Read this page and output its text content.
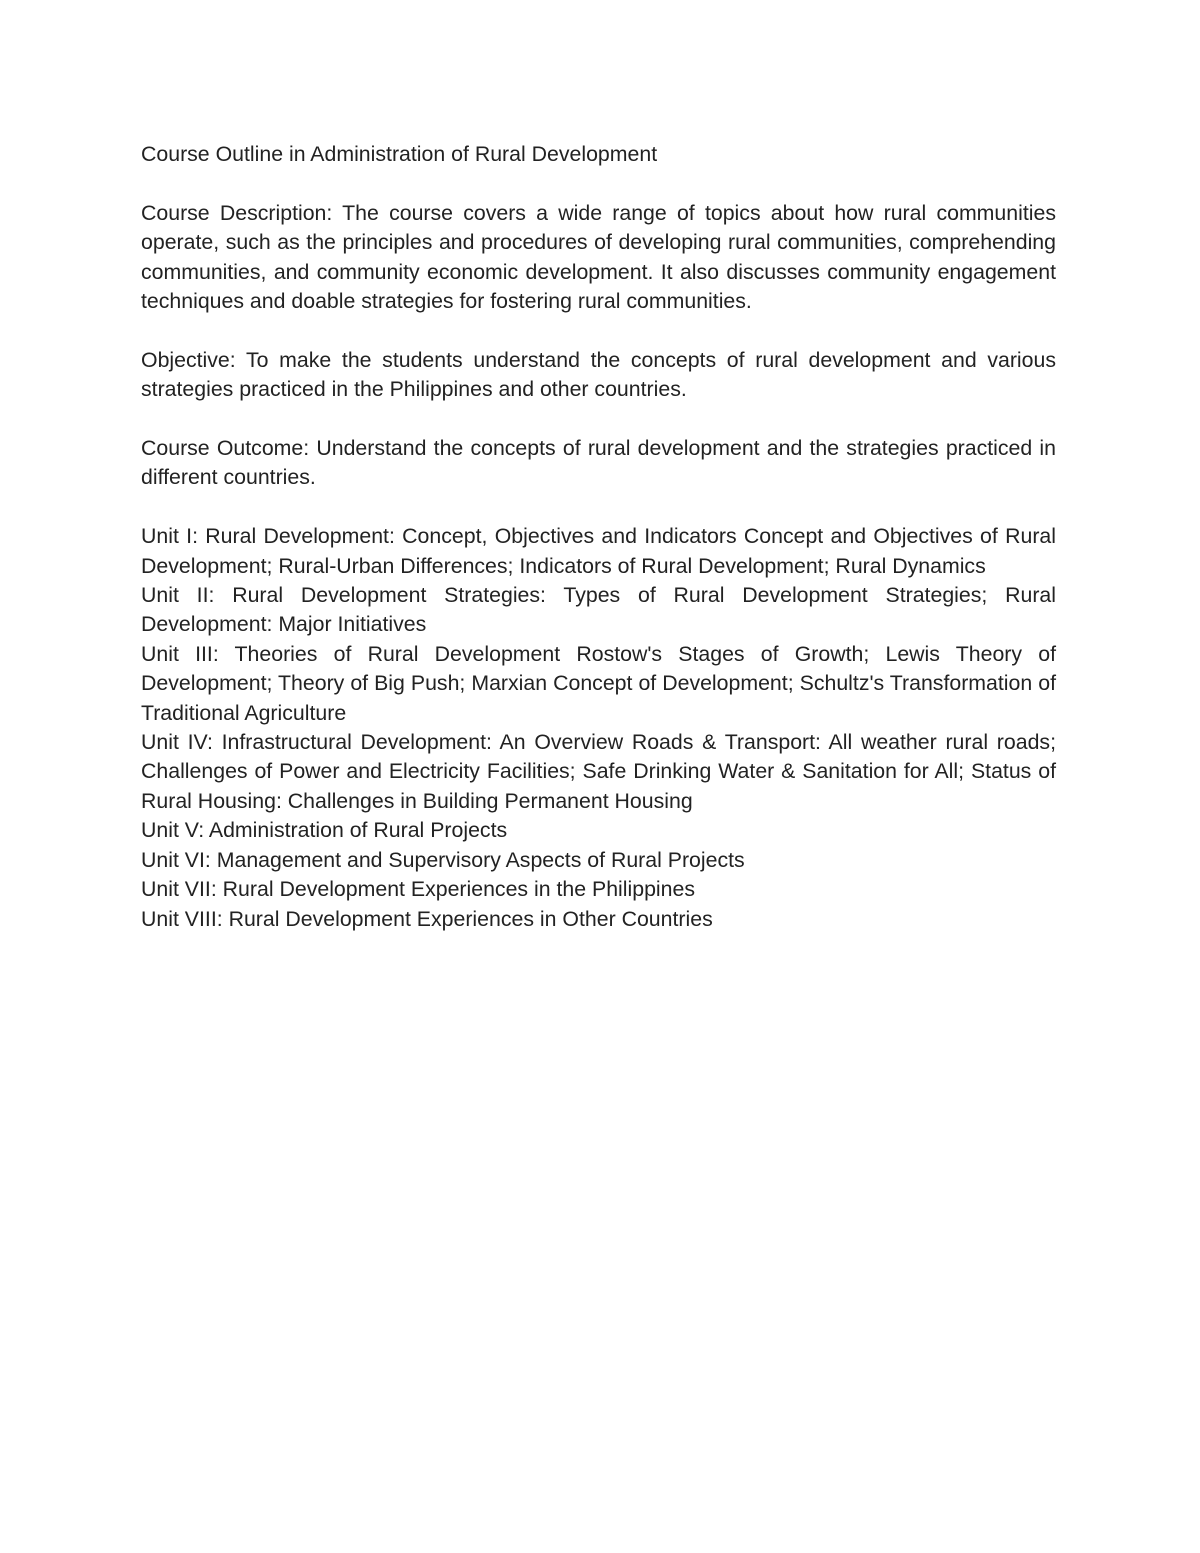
Course Outline in Administration of Rural Development

Course Description: The course covers a wide range of topics about how rural communities operate, such as the principles and procedures of developing rural communities, comprehending communities, and community economic development. It also discusses community engagement techniques and doable strategies for fostering rural communities.

Objective: To make the students understand the concepts of rural development and various strategies practiced in the Philippines and other countries.

Course Outcome: Understand the concepts of rural development and the strategies practiced in different countries.

Unit I: Rural Development: Concept, Objectives and Indicators Concept and Objectives of Rural Development; Rural-Urban Differences; Indicators of Rural Development; Rural Dynamics

Unit II: Rural Development Strategies: Types of Rural Development Strategies; Rural Development: Major Initiatives

Unit III: Theories of Rural Development Rostow's Stages of Growth; Lewis Theory of Development; Theory of Big Push; Marxian Concept of Development; Schultz's Transformation of Traditional Agriculture

Unit IV: Infrastructural Development: An Overview Roads & Transport: All weather rural roads; Challenges of Power and Electricity Facilities; Safe Drinking Water & Sanitation for All; Status of Rural Housing: Challenges in Building Permanent Housing

Unit V: Administration of Rural Projects

Unit VI: Management and Supervisory Aspects of Rural Projects

Unit VII: Rural Development Experiences in the Philippines

Unit VIII: Rural Development Experiences in Other Countries
